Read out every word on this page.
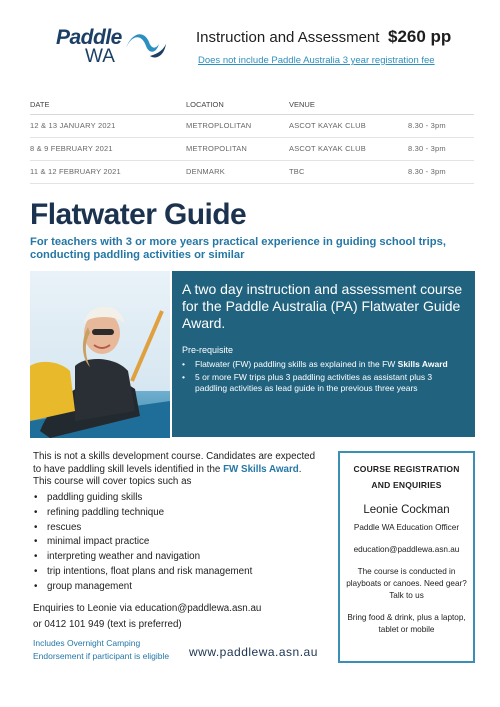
Paddle
WA
Instruction and Assessment $260 pp
Does not include Paddle Australia 3 year registration fee
DATE	LOCATION	VENUE	
12 & 13 JANUARY 2021	METROPLOLITAN	ASCOT KAYAK CLUB	8.30 - 3pm
8 & 9 FEBRUARY 2021	METROPOLITAN	ASCOT KAYAK CLUB	8.30 - 3pm
11 & 12 FEBRUARY 2021	DENMARK	TBC	8.30 - 3pm
Flatwater Guide
For teachers with 3 or more years practical experience in guiding school trips, conducting paddling activities or similar
A two day instruction and assessment course for the Paddle Australia (PA) Flatwater Guide Award.
Pre-requisite
• Flatwater (FW) paddling skills as explained in the FW Skills Award
• 5 or more FW trips plus 3 paddling activities as assistant plus 3 paddling activities as lead guide in the previous three years
This is not a skills development course. Candidates are expected
to have paddling skill levels identified in the FW Skills Award.
This course will cover topics such as
• paddling guiding skills
• refining paddling technique
• rescues
• minimal impact practice
• interpreting weather and navigation
• trip intentions, float plans and risk management
• group management
Enquiries to Leonie via education@paddlewa.asn.au
or 0412 101 949 (text is preferred)
Includes Overnight Camping
Endorsement if participant is eligible www.paddlewa.asn.au
COURSE REGISTRATION
AND ENQUIRIES
Leonie Cockman
Paddle WA Education Officer
education@paddlewa.asn.au
The course is conducted in playboats or canoes. Need gear? Talk to us
Bring food & drink, plus a laptop, tablet or mobile
